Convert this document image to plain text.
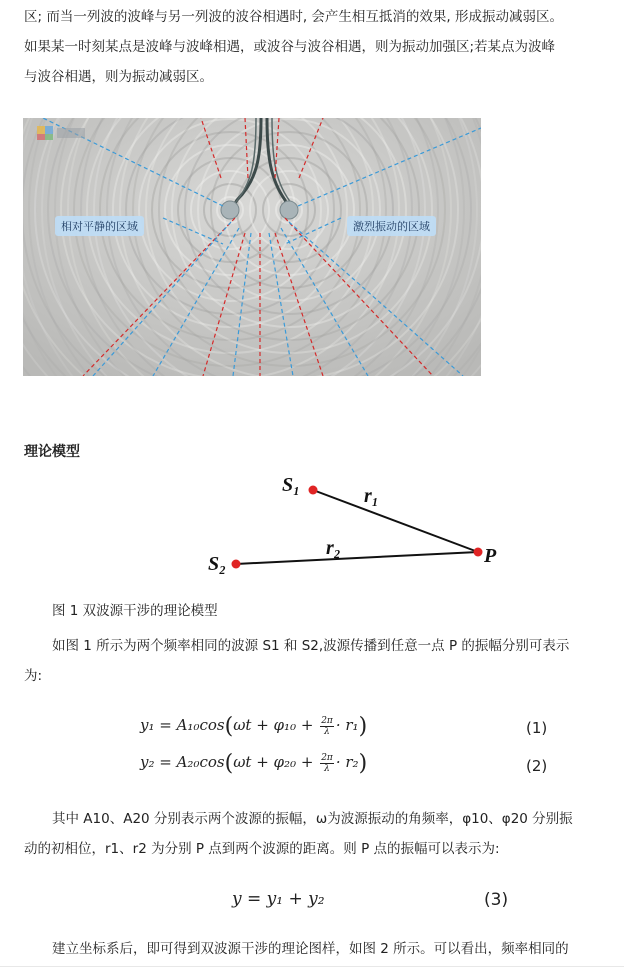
区; 而当一列波的波峰与另一列波的波谷相遇时, 会产生相互抵消的效果, 形成振动减弱区。
如果某一时刻某点是波峰与波峰相遇，或波谷与波谷相遇，则为振动加强区;若某点为波峰
与波谷相遇，则为振动减弱区。
相对平静的区域	激烈振动的区域
理论模型
S₁
S₂	P
r₁
r₂
图 1 双波源干涉的理论模型
如图 1 所示为两个频率相同的波源 S1 和 S2,波源传播到任意一点 P 的振幅分别可表示
为:
$y_1 = A_{10}\cos(\omega t + \varphi_{10} + \frac{2\pi}{\lambda} \cdot r_1)$	(1)
$y_2 = A_{20}\cos(\omega t + \varphi_{20} + \frac{2\pi}{\lambda} \cdot r_2)$	(2)
其中 A10、A20 分别表示两个波源的振幅，ω为波源振动的角频率，φ10、φ20 分别振
动的初相位，r1、r2 为分别 P 点到两个波源的距离。则 P 点的振幅可以表示为:
y = y₁ + y₂	(3)
建立坐标系后，即可得到双波源干涉的理论图样，如图 2 所示。可以看出，频率相同的
